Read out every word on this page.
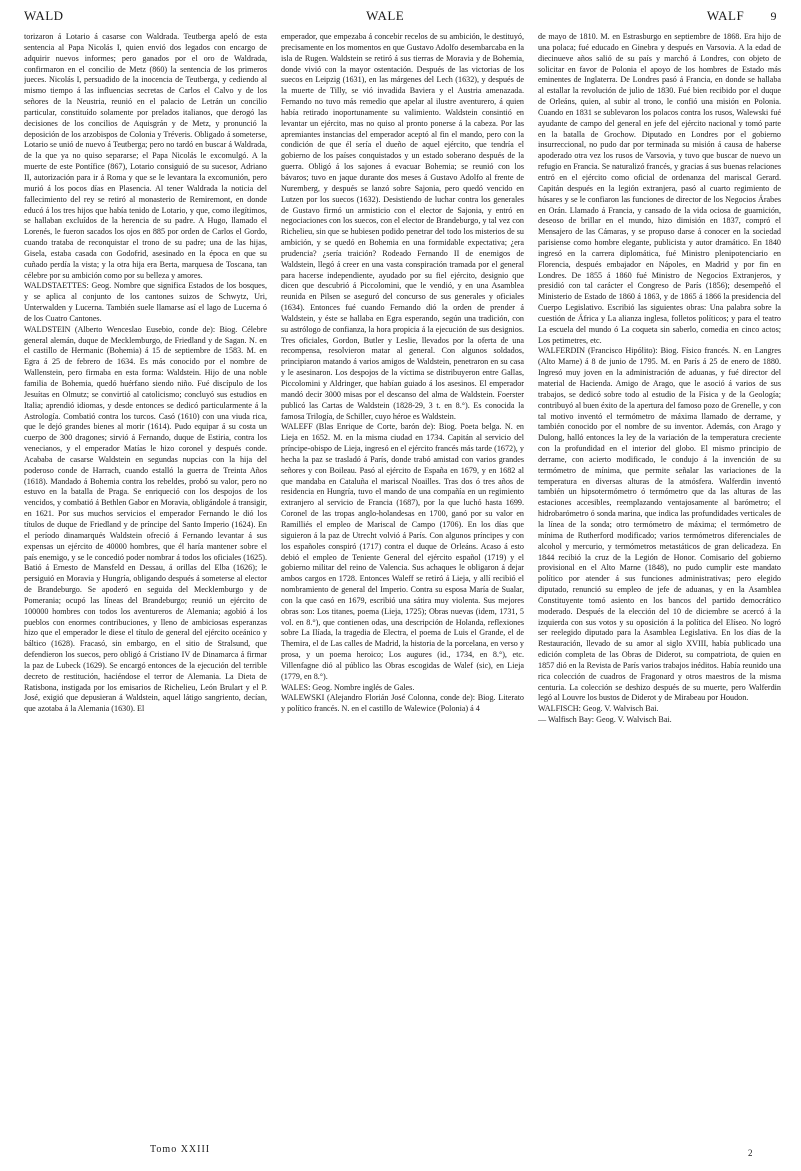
WALD	WALE	WALF 9

torizaron á Lotario á casarse con Waldrada. Teutberga apeló de esta sentencia al Papa Nicolás I, quien envió dos legados con encargo de adquirir nuevos informes; pero ganados por el oro de Waldrada, confirmaron en el concilio de Metz (860) la sentencia de los primeros jueces. Nicolás I, persuadido de la inocencia de Teutberga, y cediendo al mismo tiempo á las influencias secretas de Carlos el Calvo y de los señores de la Neustria, reunió en el palacio de Letrán un concilio particular, constituído solamente por prelados italianos, que derogó las decisiones de los concilios de Aquisgrán y de Metz, y pronunció la deposición de los arzobispos de Colonia y Tréveris. Obligado á someterse, Lotario se unió de nuevo á Teutberga; pero no tardó en buscar á Waldrada, de la que ya no quiso separarse; el Papa Nicolás le excomulgó. A la muerte de este Pontífice (867), Lotario consiguió de su sucesor, Adriano II, autorización para ir á Roma y que se le levantara la excomunión, pero murió á los pocos días en Plasencia. Al tener Waldrada la noticia del fallecimiento del rey se retiró al monasterio de Remiremont, en donde educó á los tres hijos que había tenido de Lotario, y que, como ilegítimos, se hallaban excluídos de la herencia de su padre. A Hugo, llamado el Lorenés, le fueron sacados los ojos en 885 por orden de Carlos el Gordo, cuando trataba de reconquistar el trono de su padre; una de las hijas, Gisela, estaba casada con Godofrid, asesinado en la época en que su cuñado perdía la vista; y la otra hija era Berta, marquesa de Toscana, tan célebre por su ambición como por su belleza y amores.

WALDSTAETTES: Geog. Nombre que significa Estados de los bosques, y se aplica al conjunto de los cantones suizos de Schwytz, Uri, Unterwalden y Lucerna. También suele llamarse así el lago de Lucerna ó de los Cuatro Cantones.

WALDSTEIN (Alberto Wenceslao Eusebio, conde de): Biog. Célebre general alemán, duque de Mecklemburgo, de Friedland y de Sagan. N. en el castillo de Hermanic (Bohemia) á 15 de septiembre de 1583. M. en Egra á 25 de febrero de 1634. Es más conocido por el nombre de Wallenstein, pero firmaba en esta forma: Waldstein. Hijo de una noble familia de Bohemia, quedó huérfano siendo niño. Fué discípulo de los Jesuítas en Olmutz; se convirtió al catolicismo; concluyó sus estudios en Italia; aprendió idiomas, y desde entonces se dedicó particularmente á la Astrología. Combatió contra los turcos. Casó (1610) con una viuda rica, que le dejó grandes bienes al morir (1614). Pudo equipar á su costa un cuerpo de 300 dragones; sirvió á Fernando, duque de Estiria, contra los venecianos, y el emperador Matías le hizo coronel y después conde. Acababa de casarse Waldstein en segundas nupcias con la hija del poderoso conde de Harrach, cuando estalló la guerra de Treinta Años (1618). Mandado á Bohemia contra los rebeldes, probó su valor, pero no estuvo en la batalla de Praga. Se enriqueció con los despojos de los vencidos, y combatió á Bethlen Gabor en Moravia, obligándole á transigir, en 1621. Por sus muchos servicios el emperador Fernando le dió los títulos de duque de Friedland y de príncipe del Santo Imperio (1624). En el período dinamarqués Waldstein ofreció á Fernando levantar á sus expensas un ejército de 40000 hombres, que él haría mantener sobre el país enemigo, y se le concedió poder nombrar á todos los oficiales (1625). Batió á Ernesto de Mansfeld en Dessau, á orillas del Elba (1626); le persiguió en Moravia y Hungría, obligando después á someterse al elector de Brandeburgo. Se apoderó en seguida del Mecklemburgo y de Pomerania; ocupó las líneas del Brandeburgo; reunió un ejército de 100000 hombres con todos los aventureros de Alemania; agobió á los pueblos con enormes contribuciones, y lleno de ambiciosas esperanzas hizo que el emperador le diese el título de general del ejército oceánico y báltico (1628). Fracasó, sin embargo, en el sitio de Stralsund, que defendieron los suecos, pero obligó á Cristiano IV de Dinamarca á firmar la paz de Lubeck (1629). Se encargó entonces de la ejecución del terrible decreto de restitución, haciéndose el terror de Alemania. La Dieta de Ratisbona, instigada por los emisarios de Richelieu, León Brulart y el P. José, exigió que depusieran á Waldstein, aquel látigo sangriento, decían, que azotaba á la Alemania (1630). El

emperador, que empezaba á concebir recelos de su ambición, le destituyó, precisamente en los momentos en que Gustavo Adolfo desembarcaba en la isla de Rugen. Waldstein se retiró á sus tierras de Moravia y de Bohemia, donde vivió con la mayor ostentación. Después de las victorias de los suecos en Leipzig (1631), en las márgenes del Lech (1632), y después de la muerte de Tilly, se vió invadida Baviera y el Austria amenazada. Fernando no tuvo más remedio que apelar al ilustre aventurero, á quien había retirado inoportunamente su valimiento. Waldstein consintió en levantar un ejército, mas no quiso al pronto ponerse á la cabeza. Por las apremiantes instancias del emperador aceptó al fin el mando, pero con la condición de que él sería el dueño de aquel ejército, que tendría el gobierno de los países conquistados y un estado soberano después de la guerra. Obligó á los sajones á evacuar Bohemia; se reunió con los bávaros; tuvo en jaque durante dos meses á Gustavo Adolfo al frente de Nuremberg, y después se lanzó sobre Sajonia, pero quedó vencido en Lutzen por los suecos (1632). Desistiendo de luchar contra los generales de Gustavo firmó un armisticio con el elector de Sajonia, y entró en negociaciones con los suecos, con el elector de Brandeburgo, y tal vez con Richelieu, sin que se hubiesen podido penetrar del todo los misterios de su ambición, y se quedó en Bohemia en una formidable expectativa; ¿era prudencia? ¿sería traición? Rodeado Fernando II de enemigos de Waldstein, llegó á creer en una vasta conspiración tramada por el general para hacerse independiente, ayudado por su fiel ejército, designio que dicen que descubrió á Piccolomini, que le vendió, y en una Asamblea reunida en Pilsen se aseguró del concurso de sus generales y oficiales (1634). Entonces fué cuando Fernando dió la orden de prender á Waldstein, y éste se hallaba en Egra esperando, según una tradición, con su astrólogo de confianza, la hora propicia á la ejecución de sus designios. Tres oficiales, Gordon, Butler y Leslie, llevados por la oferta de una recompensa, resolvieron matar al general. Con algunos soldados, principiaron matando á varios amigos de Waldstein, penetraron en su casa y le asesinaron. Los despojos de la víctima se distribuyeron entre Gallas, Piccolomini y Aldringer, que habían guiado á los asesinos. El emperador mandó decir 3000 misas por el descanso del alma de Waldstein. Foerster publicó las Cartas de Waldstein (1828-29, 3 t. en 8.°). Es conocida la famosa Trilogía, de Schiller, cuyo héroe es Waldstein.

WALEFF (Blas Enrique de Corte, barón de): Biog. Poeta belga. N. en Lieja en 1652. M. en la misma ciudad en 1734. Capitán al servicio del príncipe-obispo de Lieja, ingresó en el ejército francés más tarde (1672), y hecha la paz se trasladó á París, donde trabó amistad con varios grandes señores y con Boileau. Pasó al ejército de España en 1679, y en 1682 al que mandaba en Cataluña el mariscal Noailles. Tras dos ó tres años de residencia en Hungría, tuvo el mando de una compañía en un regimiento extranjero al servicio de Francia (1687), por la que luchó hasta 1699. Coronel de las tropas anglo-holandesas en 1700, ganó por su valor en Ramilliés el empleo de Mariscal de Campo (1706). En los días que siguieron á la paz de Utrecht volvió á París. Con algunos príncipes y con los españoles conspiró (1717) contra el duque de Orleáns. Acaso á esto debió el empleo de Teniente General del ejército español (1719) y el gobierno militar del reino de Valencia. Sus achaques le obligaron á dejar ambos cargos en 1728. Entonces Waleff se retiró á Lieja, y allí recibió el nombramiento de general del Imperio. Contra su esposa María de Sualar, con la que casó en 1679, escribió una sátira muy violenta. Sus mejores obras son: Los titanes, poema (Lieja, 1725); Obras nuevas (idem, 1731, 5 vol. en 8.°), que contienen odas, una descripción de Holanda, reflexiones sobre La Ilíada, la tragedia de Electra, el poema de Luis el Grande, el de Themira, el de Las calles de Madrid, la historia de la porcelana, en verso y prosa, y un poema heroico; Los augures (id., 1734, en 8.°), etc. Villenfagne dió al público las Obras escogidas de Walef (sic), en Lieja (1779, en 8.°).

WALES: Geog. Nombre inglés de Gales.

WALEWSKI (Alejandro Florián José Colonna, conde de): Biog. Literato y político francés. N. en el castillo de Walewice (Polonia) á 4

de mayo de 1810. M. en Estrasburgo en septiembre de 1868. Era hijo de una polaca; fué educado en Ginebra y después en Varsovia. A la edad de diecinueve años salió de su país y marchó á Londres, con objeto de solicitar en favor de Polonia el apoyo de los hombres de Estado más eminentes de Inglaterra. De Londres pasó á Francia, en donde se hallaba al estallar la revolución de julio de 1830. Fué bien recibido por el duque de Orleáns, quien, al subir al trono, le confió una misión en Polonia. Cuando en 1831 se sublevaron los polacos contra los rusos, Walewski fué ayudante de campo del general en jefe del ejército nacional y tomó parte en la batalla de Grochow. Diputado en Londres por el gobierno insurreccional, no pudo dar por terminada su misión á causa de haberse apoderado otra vez los rusos de Varsovia, y tuvo que buscar de nuevo un refugio en Francia. Se naturalizó francés, y gracias á sus buenas relaciones entró en el ejército como oficial de ordenanza del mariscal Gerard. Capitán después en la legión extranjera, pasó al cuarto regimiento de húsares y se le confiaron las funciones de director de los Negocios Árabes en Orán. Llamado á Francia, y cansado de la vida ociosa de guarnición, deseoso de brillar en el mundo, hizo dimisión en 1837, compró el Mensajero de las Cámaras, y se propuso darse á conocer en la sociedad parisiense como hombre elegante, publicista y autor dramático. En 1840 ingresó en la carrera diplomática, fué Ministro plenipotenciario en Florencia, después embajador en Nápoles, en Madrid y por fin en Londres. De 1855 á 1860 fué Ministro de Negocios Extranjeros, y presidió con tal carácter el Congreso de París (1856); desempeñó el Ministerio de Estado de 1860 á 1863, y de 1865 á 1866 la presidencia del Cuerpo Legislativo. Escribió las siguientes obras: Una palabra sobre la cuestión de África y La alianza inglesa, folletos políticos; y para el teatro La escuela del mundo ó La coqueta sin saberlo, comedia en cinco actos; Los petimetres, etc.

WALFERDIN (Francisco Hipólito): Biog. Físico francés. N. en Langres (Alto Marne) á 8 de junio de 1795. M. en París á 25 de enero de 1880. Ingresó muy joven en la administración de aduanas, y fué director del material de Hacienda. Amigo de Arago, que le asoció á varios de sus trabajos, se dedicó sobre todo al estudio de la Física y de la Geología; contribuyó al buen éxito de la apertura del famoso pozo de Grenelle, y con tal motivo inventó el termómetro de máxima llamado de derrame, y también conocido por el nombre de su inventor. Además, con Arago y Dulong, halló entonces la ley de la variación de la temperatura creciente con la profundidad en el interior del globo. El mismo principio de derrame, con acierto modificado, le condujo á la invención de su termómetro de mínima, que permite señalar las variaciones de la temperatura en diversas alturas de la atmósfera. Walferdin inventó también un hipsotermómetro ó termómetro que da las alturas de las estaciones accesibles, reemplazando ventajosamente al barómetro; el hidrobarómetro ó sonda marina, que indica las profundidades verticales de la línea de la sonda; otro termómetro de máxima; el termómetro de mínima de Rutherford modificado; varios termómetros diferenciales de alcohol y mercurio, y termómetros metastáticos de gran delicadeza. En 1844 recibió la cruz de la Legión de Honor. Comisario del gobierno provisional en el Alto Marne (1848), no pudo cumplir este mandato político por atender á sus funciones administrativas; pero elegido diputado, renunció su empleo de jefe de aduanas, y en la Asamblea Constituyente tomó asiento en los bancos del partido democrático moderado. Después de la elección del 10 de diciembre se acercó á la izquierda con sus votos y su oposición á la política del Elíseo. No logró ser reelegido diputado para la Asamblea Legislativa. En los días de la Restauración, llevado de su amor al siglo XVIII, había publicado una edición completa de las Obras de Diderot, su compatriota, de quien en 1857 dió en la Revista de París varios trabajos inéditos. Había reunido una rica colección de cuadros de Fragonard y otros maestros de la misma centuria. La colección se deshizo después de su muerte, pero Walferdin legó al Louvre los bustos de Diderot y de Mirabeau por Houdon.

WALFISCH: Geog. V. Walvisch Bai.

— Walfisch Bay: Geog. V. Walvisch Bai.

Tomo XXIII	2
